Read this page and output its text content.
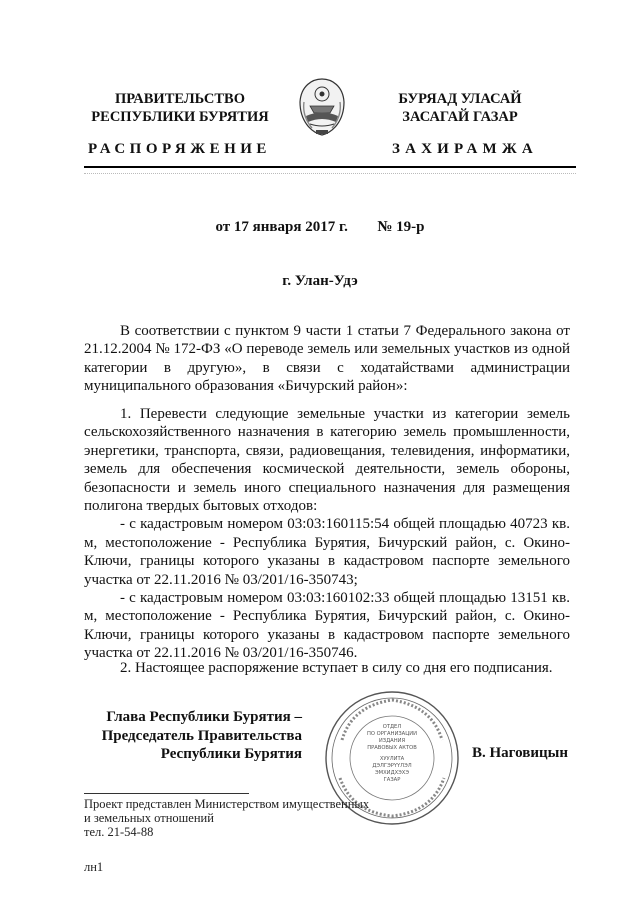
ПРАВИТЕЛЬСТВО
РЕСПУБЛИКИ БУРЯТИЯ
БУРЯАД УЛАСАЙ
ЗАСАГАЙ ГАЗАР
РАСПОРЯЖЕНИЕ	ЗАХИРАМЖА
от 17 января 2017 г. № 19-р
г. Улан-Удэ

В соответствии с пунктом 9 части 1 статьи 7 Федерального закона от 21.12.2004 № 172-ФЗ «О переводе земель или земельных участков из одной категории в другую», в связи с ходатайствами администрации муниципального образования «Бичурский район»:

1. Перевести следующие земельные участки из категории земель сельскохозяйственного назначения в категорию земель промышленности, энергетики, транспорта, связи, радиовещания, телевидения, информатики, земель для обеспечения космической деятельности, земель обороны, безопасности и земель иного специального назначения для размещения полигона твердых бытовых отходов:

- с кадастровым номером 03:03:160115:54 общей площадью 40723 кв. м, местоположение - Республика Бурятия, Бичурский район, с. Окино-Ключи, границы которого указаны в кадастровом паспорте земельного участка от 22.11.2016 № 03/201/16-350743;

- с кадастровым номером 03:03:160102:33 общей площадью 13151 кв. м, местоположение - Республика Бурятия, Бичурский район, с. Окино-Ключи, границы которого указаны в кадастровом паспорте земельного участка от 22.11.2016 № 03/201/16-350746.

2. Настоящее распоряжение вступает в силу со дня его подписания.

Глава Республики Бурятия –
Председатель Правительства
Республики Бурятия
ОТДЕЛ
ПО ОРГАНИЗАЦИИ
ИЗДАНИЯ
ПРАВОВЫХ АКТОВ
ХУУЛИТА
ДЭЛГЭРҮҮЛЭЛ
ЭМХИДХЭХЭ
ГАЗАР
В. Наговицын
Проект представлен Министерством имущественных
и земельных отношений
тел. 21-54-88
лн1
